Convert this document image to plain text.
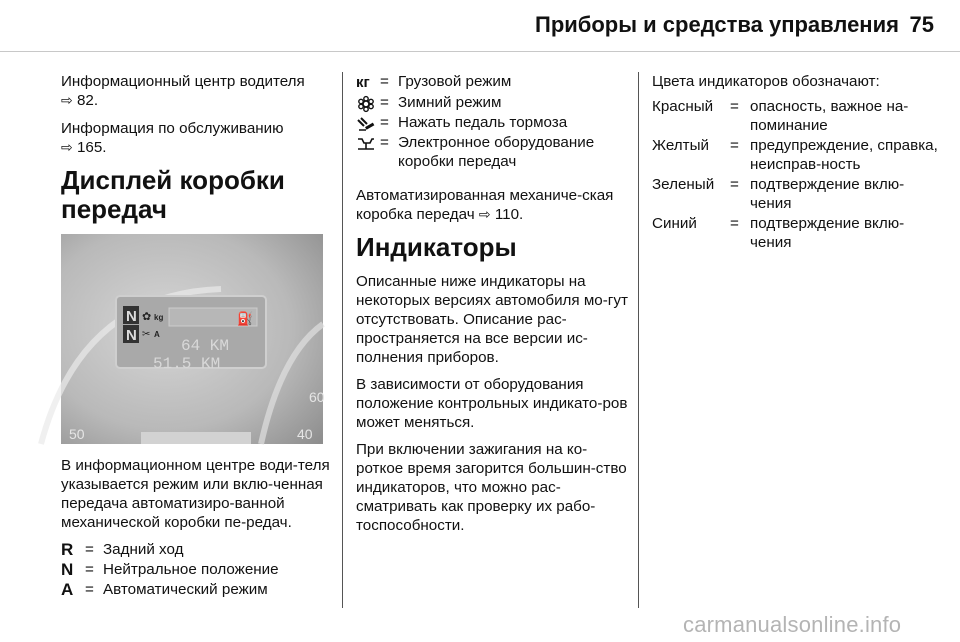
Приборы и средства управления 75

Информационный центр водителя
⇨ 82.

Информация по обслуживанию
⇨ 165.

Дисплей коробки передач
N
N
✿ kg
✂ A
⛽
64 KM
51.5 KM
50
60
40

В информационном центре води-теля указывается режим или вклю-ченная передача автоматизиро-ванной механической коробки пе-редач.

R	=	Задний ход
N	=	Нейтральное положение
A	=	Автоматический режим
кг	=	Грузовой режим
	=	Зимний режим
	=	Нажать педаль тормоза
	=	Электронное оборудование коробки передач

Автоматизированная механиче-ская коробка передач ⇨ 110.

Индикаторы

Описанные ниже индикаторы на некоторых версиях автомобиля мо-гут отсутствовать. Описание рас-пространяется на все версии ис-полнения приборов.

В зависимости от оборудования положение контрольных индикато-ров может меняться.

При включении зажигания на ко-роткое время загорится большин-ство индикаторов, что можно рас-сматривать как проверку их рабо-тоспособности.

Цвета индикаторов обозначают:

Красный	=	опасность, важное на-поминание
Желтый	=	предупреждение, справка, неисправ-ность
Зеленый	=	подтверждение вклю-чения
Синий	=	подтверждение вклю-чения
carmanualsonline.info
